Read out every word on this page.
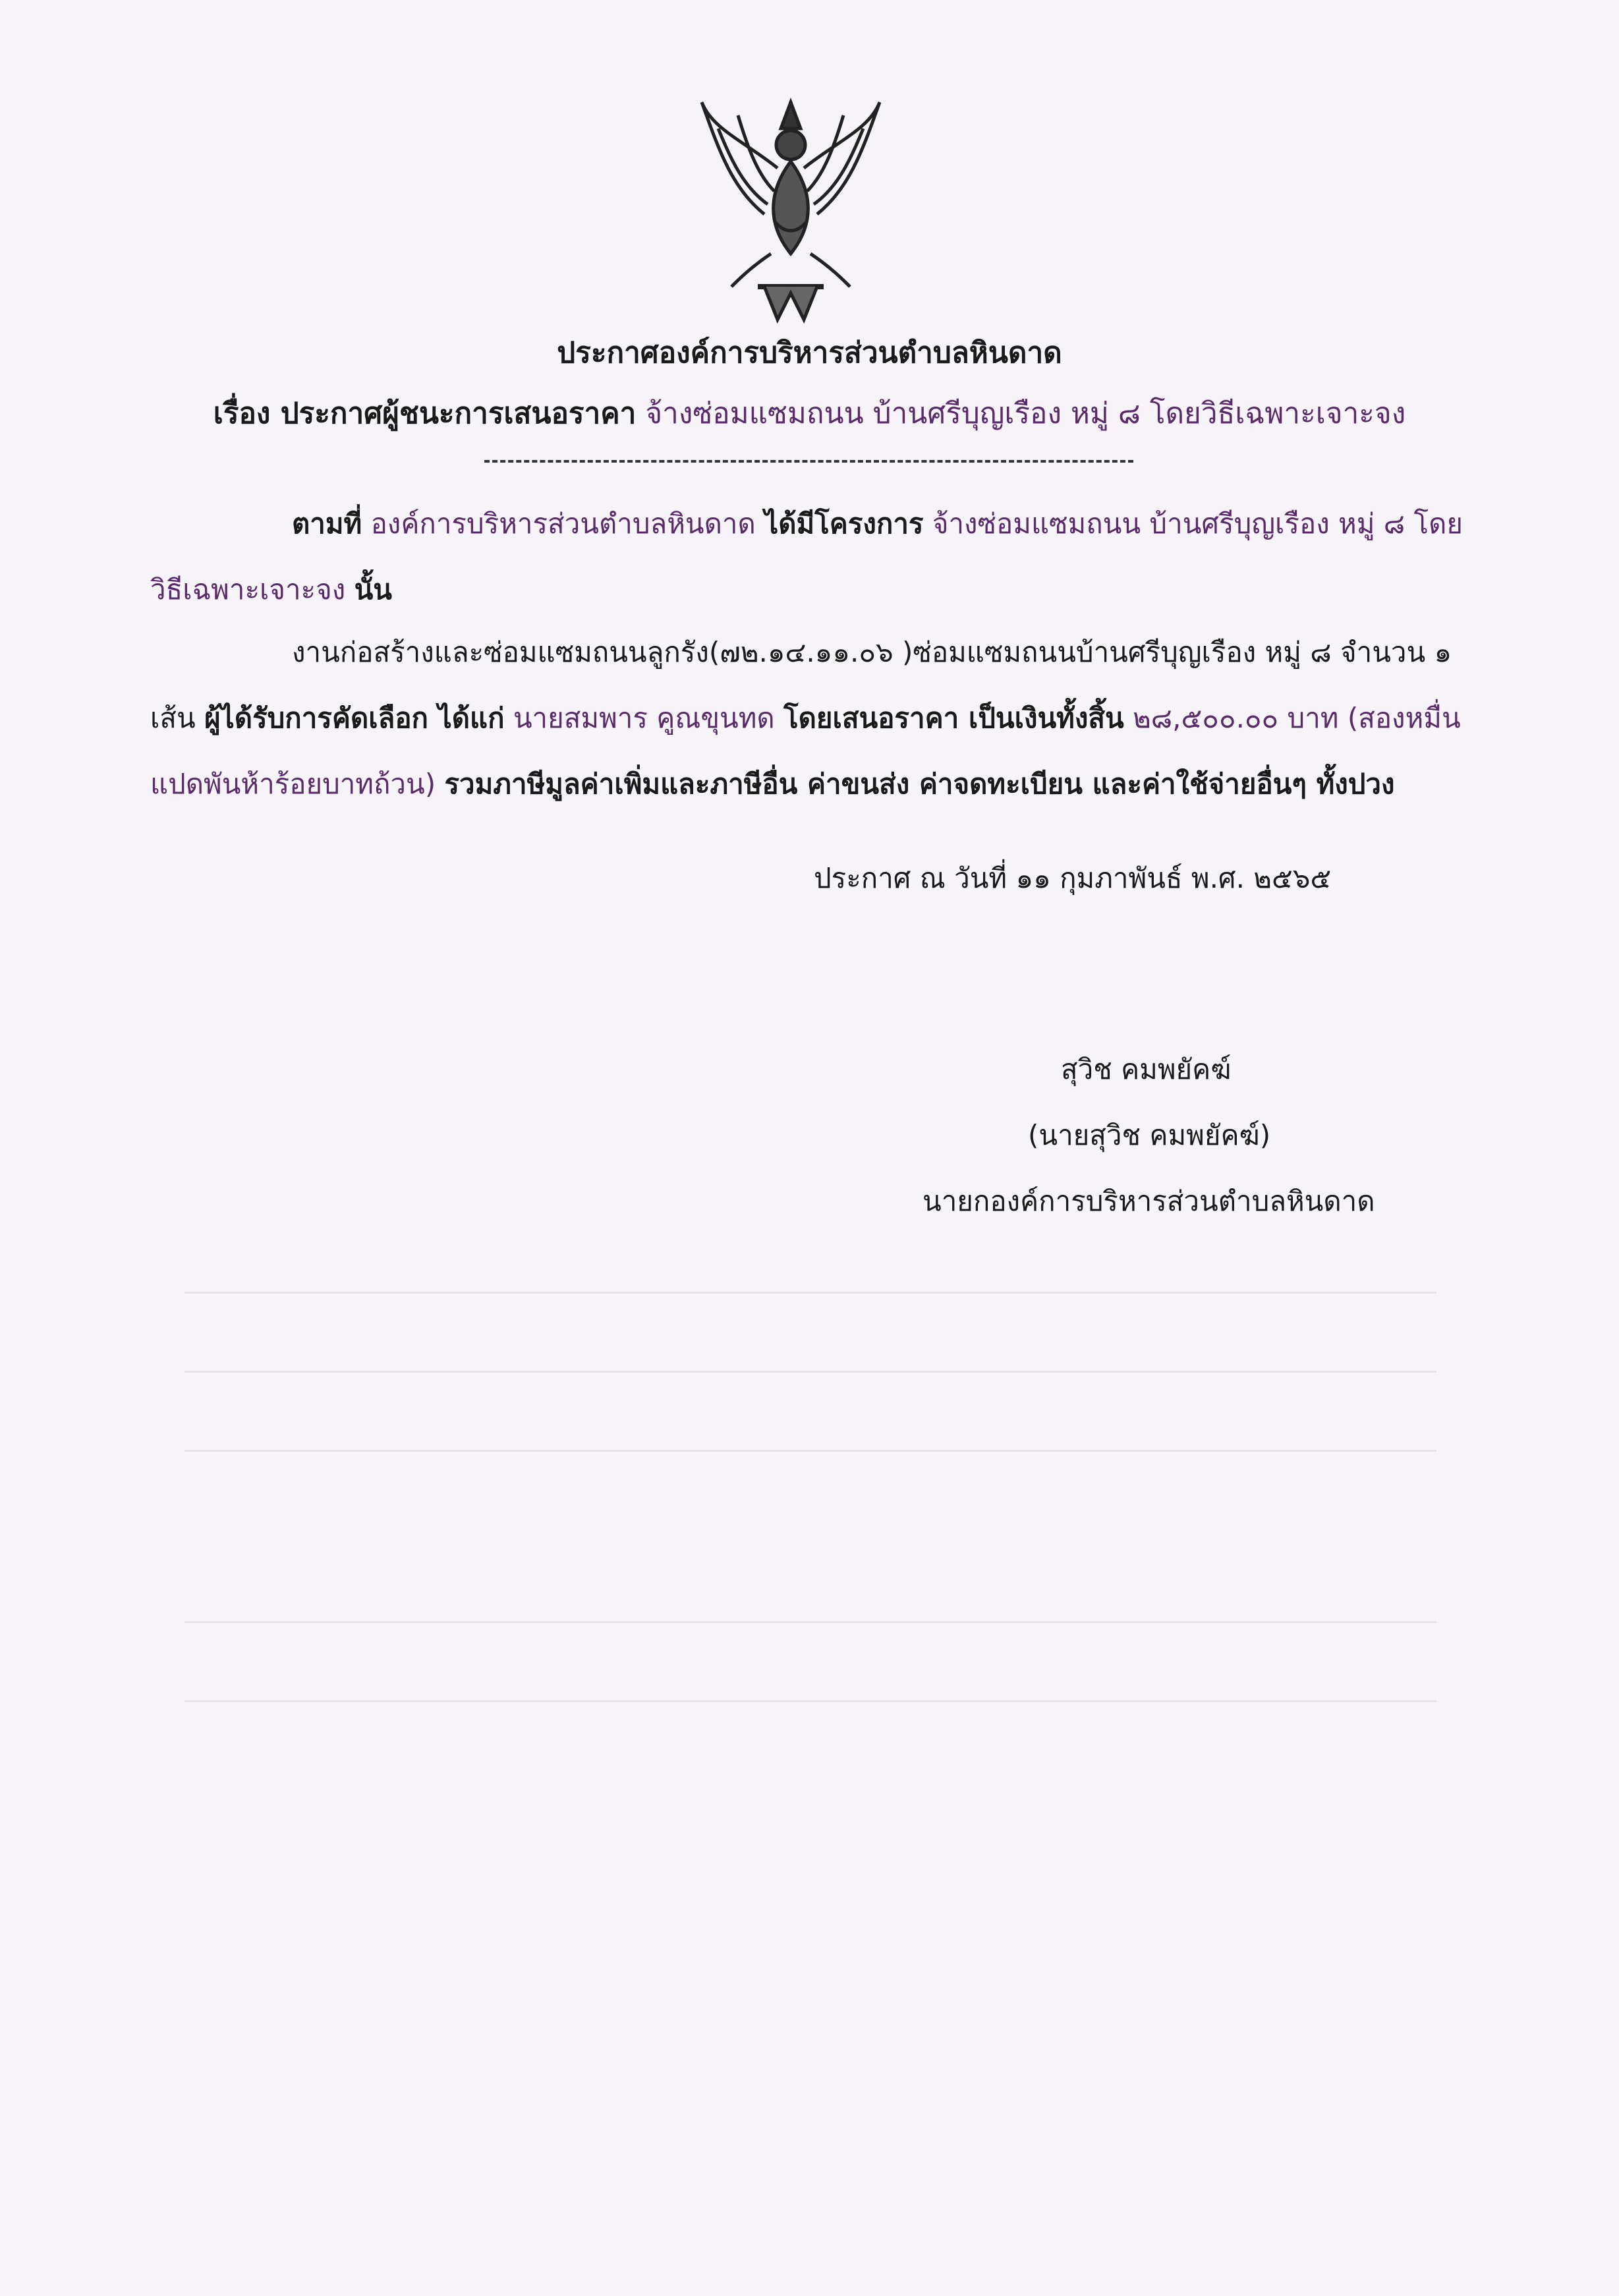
ประกาศองค์การบริหารส่วนตำบลหินดาด
เรื่อง ประกาศผู้ชนะการเสนอราคา จ้างซ่อมแซมถนน บ้านศรีบุญเรือง หมู่ ๘ โดยวิธีเฉพาะเจาะจง
ตามที่ องค์การบริหารส่วนตำบลหินดาด ได้มีโครงการ จ้างซ่อมแซมถนน บ้านศรีบุญเรือง หมู่ ๘ โดยวิธีเฉพาะเจาะจง นั้น
งานก่อสร้างและซ่อมแซมถนนลูกรัง(๗๒.๑๔.๑๑.๐๖ )ซ่อมแซมถนนบ้านศรีบุญเรือง หมู่ ๘ จำนวน ๑ เส้น ผู้ได้รับการคัดเลือก ได้แก่ นายสมพาร คูณขุนทด โดยเสนอราคา เป็นเงินทั้งสิ้น ๒๘,๕๐๐.๐๐ บาท (สองหมื่นแปดพันห้าร้อยบาทถ้วน) รวมภาษีมูลค่าเพิ่มและภาษีอื่น ค่าขนส่ง ค่าจดทะเบียน และค่าใช้จ่ายอื่นๆ ทั้งปวง
ประกาศ ณ วันที่ ๑๑ กุมภาพันธ์ พ.ศ. ๒๕๖๕
สุวิช คมพยัคฆ์
(นายสุวิช คมพยัคฆ์)
นายกองค์การบริหารส่วนตำบลหินดาด
